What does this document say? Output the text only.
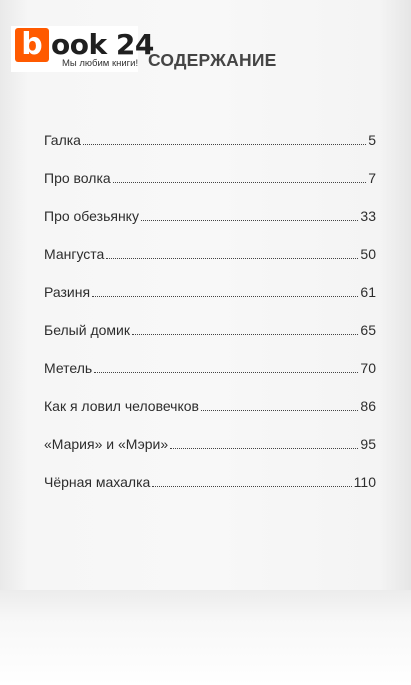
b ook 24
Мы любим книги! СОДЕРЖАНИЕ
Галка	5
Про волка	7
Про обезьянку	33
Мангуста	50
Разиня	61
Белый домик	65
Метель	70
Как я ловил человечков	86
«Мария» и «Мэри»	95
Чёрная махалка	110
